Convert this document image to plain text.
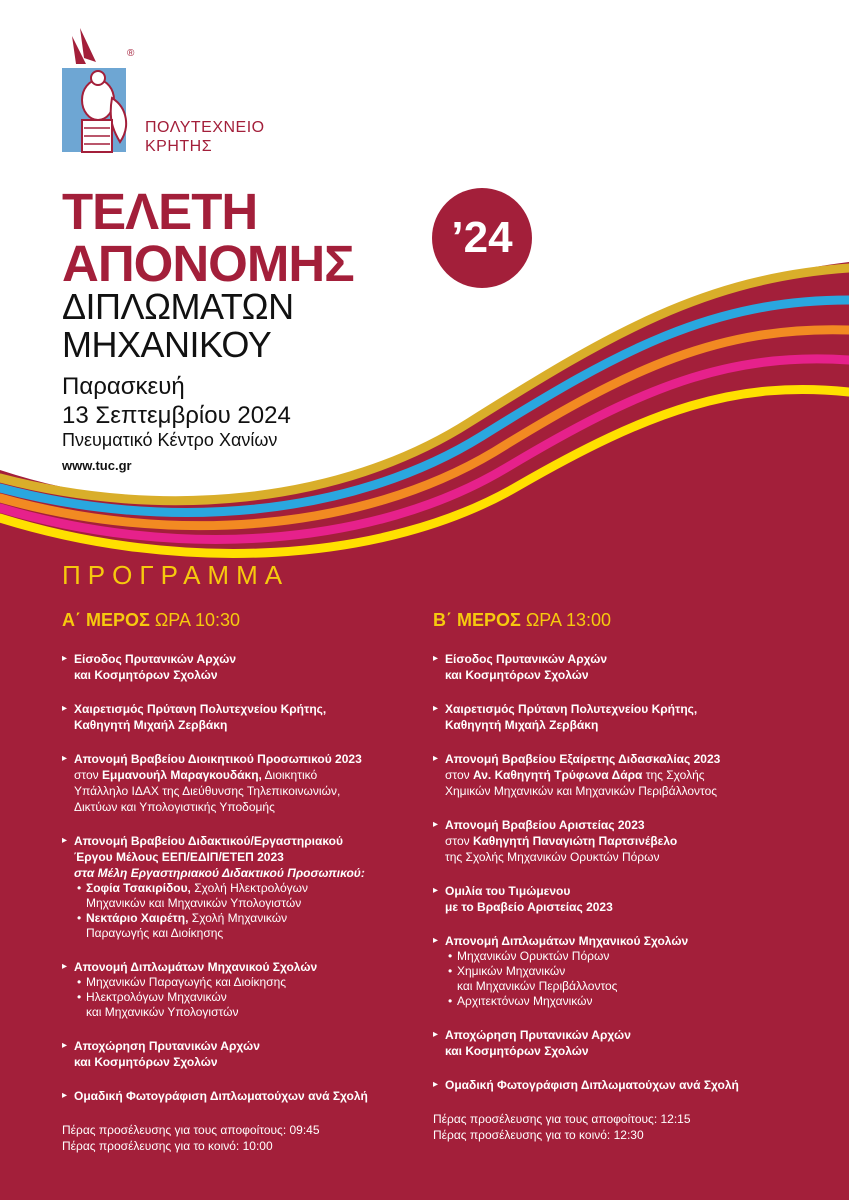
®
ΠΟΛΥΤΕΧΝΕΙΟ
ΚΡΗΤΗΣ
ΤΕΛΕΤΗ
ΑΠΟΝΟΜΗΣ	’24
ΔΙΠΛΩΜΑΤΩΝ
ΜΗΧΑΝΙΚΟΥ
Παρασκευή
13 Σεπτεμβρίου 2024
Πνευματικό Κέντρο Χανίων
www.tuc.gr
ΠΡΟΓΡΑΜΜΑ
Α΄ ΜΕΡΟΣ ΩΡΑ 10:30
▸ Είσοδος Πρυτανικών Αρχών
και Κοσμητόρων Σχολών
▸ Χαιρετισμός Πρύτανη Πολυτεχνείου Κρήτης,
Καθηγητή Μιχαήλ Ζερβάκη
▸ Απονομή Βραβείου Διοικητικού Προσωπικού 2023
στον Εμμανουήλ Μαραγκουδάκη, Διοικητικό
Υπάλληλο ΙΔΑΧ της Διεύθυνσης Τηλεπικοινωνιών,
Δικτύων και Υπολογιστικής Υποδομής
▸ Απονομή Βραβείου Διδακτικού/Εργαστηριακού
Έργου Μέλους ΕΕΠ/ΕΔΙΠ/ΕΤΕΠ 2023
στα Μέλη Εργαστηριακού Διδακτικού Προσωπικού:
• Σοφία Τσακιρίδου, Σχολή Ηλεκτρολόγων
Μηχανικών και Μηχανικών Υπολογιστών
• Νεκτάριο Χαιρέτη, Σχολή Μηχανικών
Παραγωγής και Διοίκησης
▸ Απονομή Διπλωμάτων Μηχανικού Σχολών
• Μηχανικών Παραγωγής και Διοίκησης
• Ηλεκτρολόγων Μηχανικών
και Μηχανικών Υπολογιστών
▸ Αποχώρηση Πρυτανικών Αρχών
και Κοσμητόρων Σχολών
▸ Ομαδική Φωτογράφιση Διπλωματούχων ανά Σχολή
Πέρας προσέλευσης για τους αποφοίτους: 09:45
Πέρας προσέλευσης για το κοινό: 10:00
Β΄ ΜΕΡΟΣ ΩΡΑ 13:00
▸ Είσοδος Πρυτανικών Αρχών
και Κοσμητόρων Σχολών
▸ Χαιρετισμός Πρύτανη Πολυτεχνείου Κρήτης,
Καθηγητή Μιχαήλ Ζερβάκη
▸ Απονομή Βραβείου Εξαίρετης Διδασκαλίας 2023
στον Αν. Καθηγητή Τρύφωνα Δάρα της Σχολής
Χημικών Μηχανικών και Μηχανικών Περιβάλλοντος
▸ Απονομή Βραβείου Αριστείας 2023
στον Καθηγητή Παναγιώτη Παρτσινέβελο
της Σχολής Μηχανικών Ορυκτών Πόρων
▸ Ομιλία του Τιμώμενου
με το Βραβείο Αριστείας 2023
▸ Απονομή Διπλωμάτων Μηχανικού Σχολών
• Μηχανικών Ορυκτών Πόρων
• Χημικών Μηχανικών
και Μηχανικών Περιβάλλοντος
• Αρχιτεκτόνων Μηχανικών
▸ Αποχώρηση Πρυτανικών Αρχών
και Κοσμητόρων Σχολών
▸ Ομαδική Φωτογράφιση Διπλωματούχων ανά Σχολή
Πέρας προσέλευσης για τους αποφοίτους: 12:15
Πέρας προσέλευσης για το κοινό: 12:30
